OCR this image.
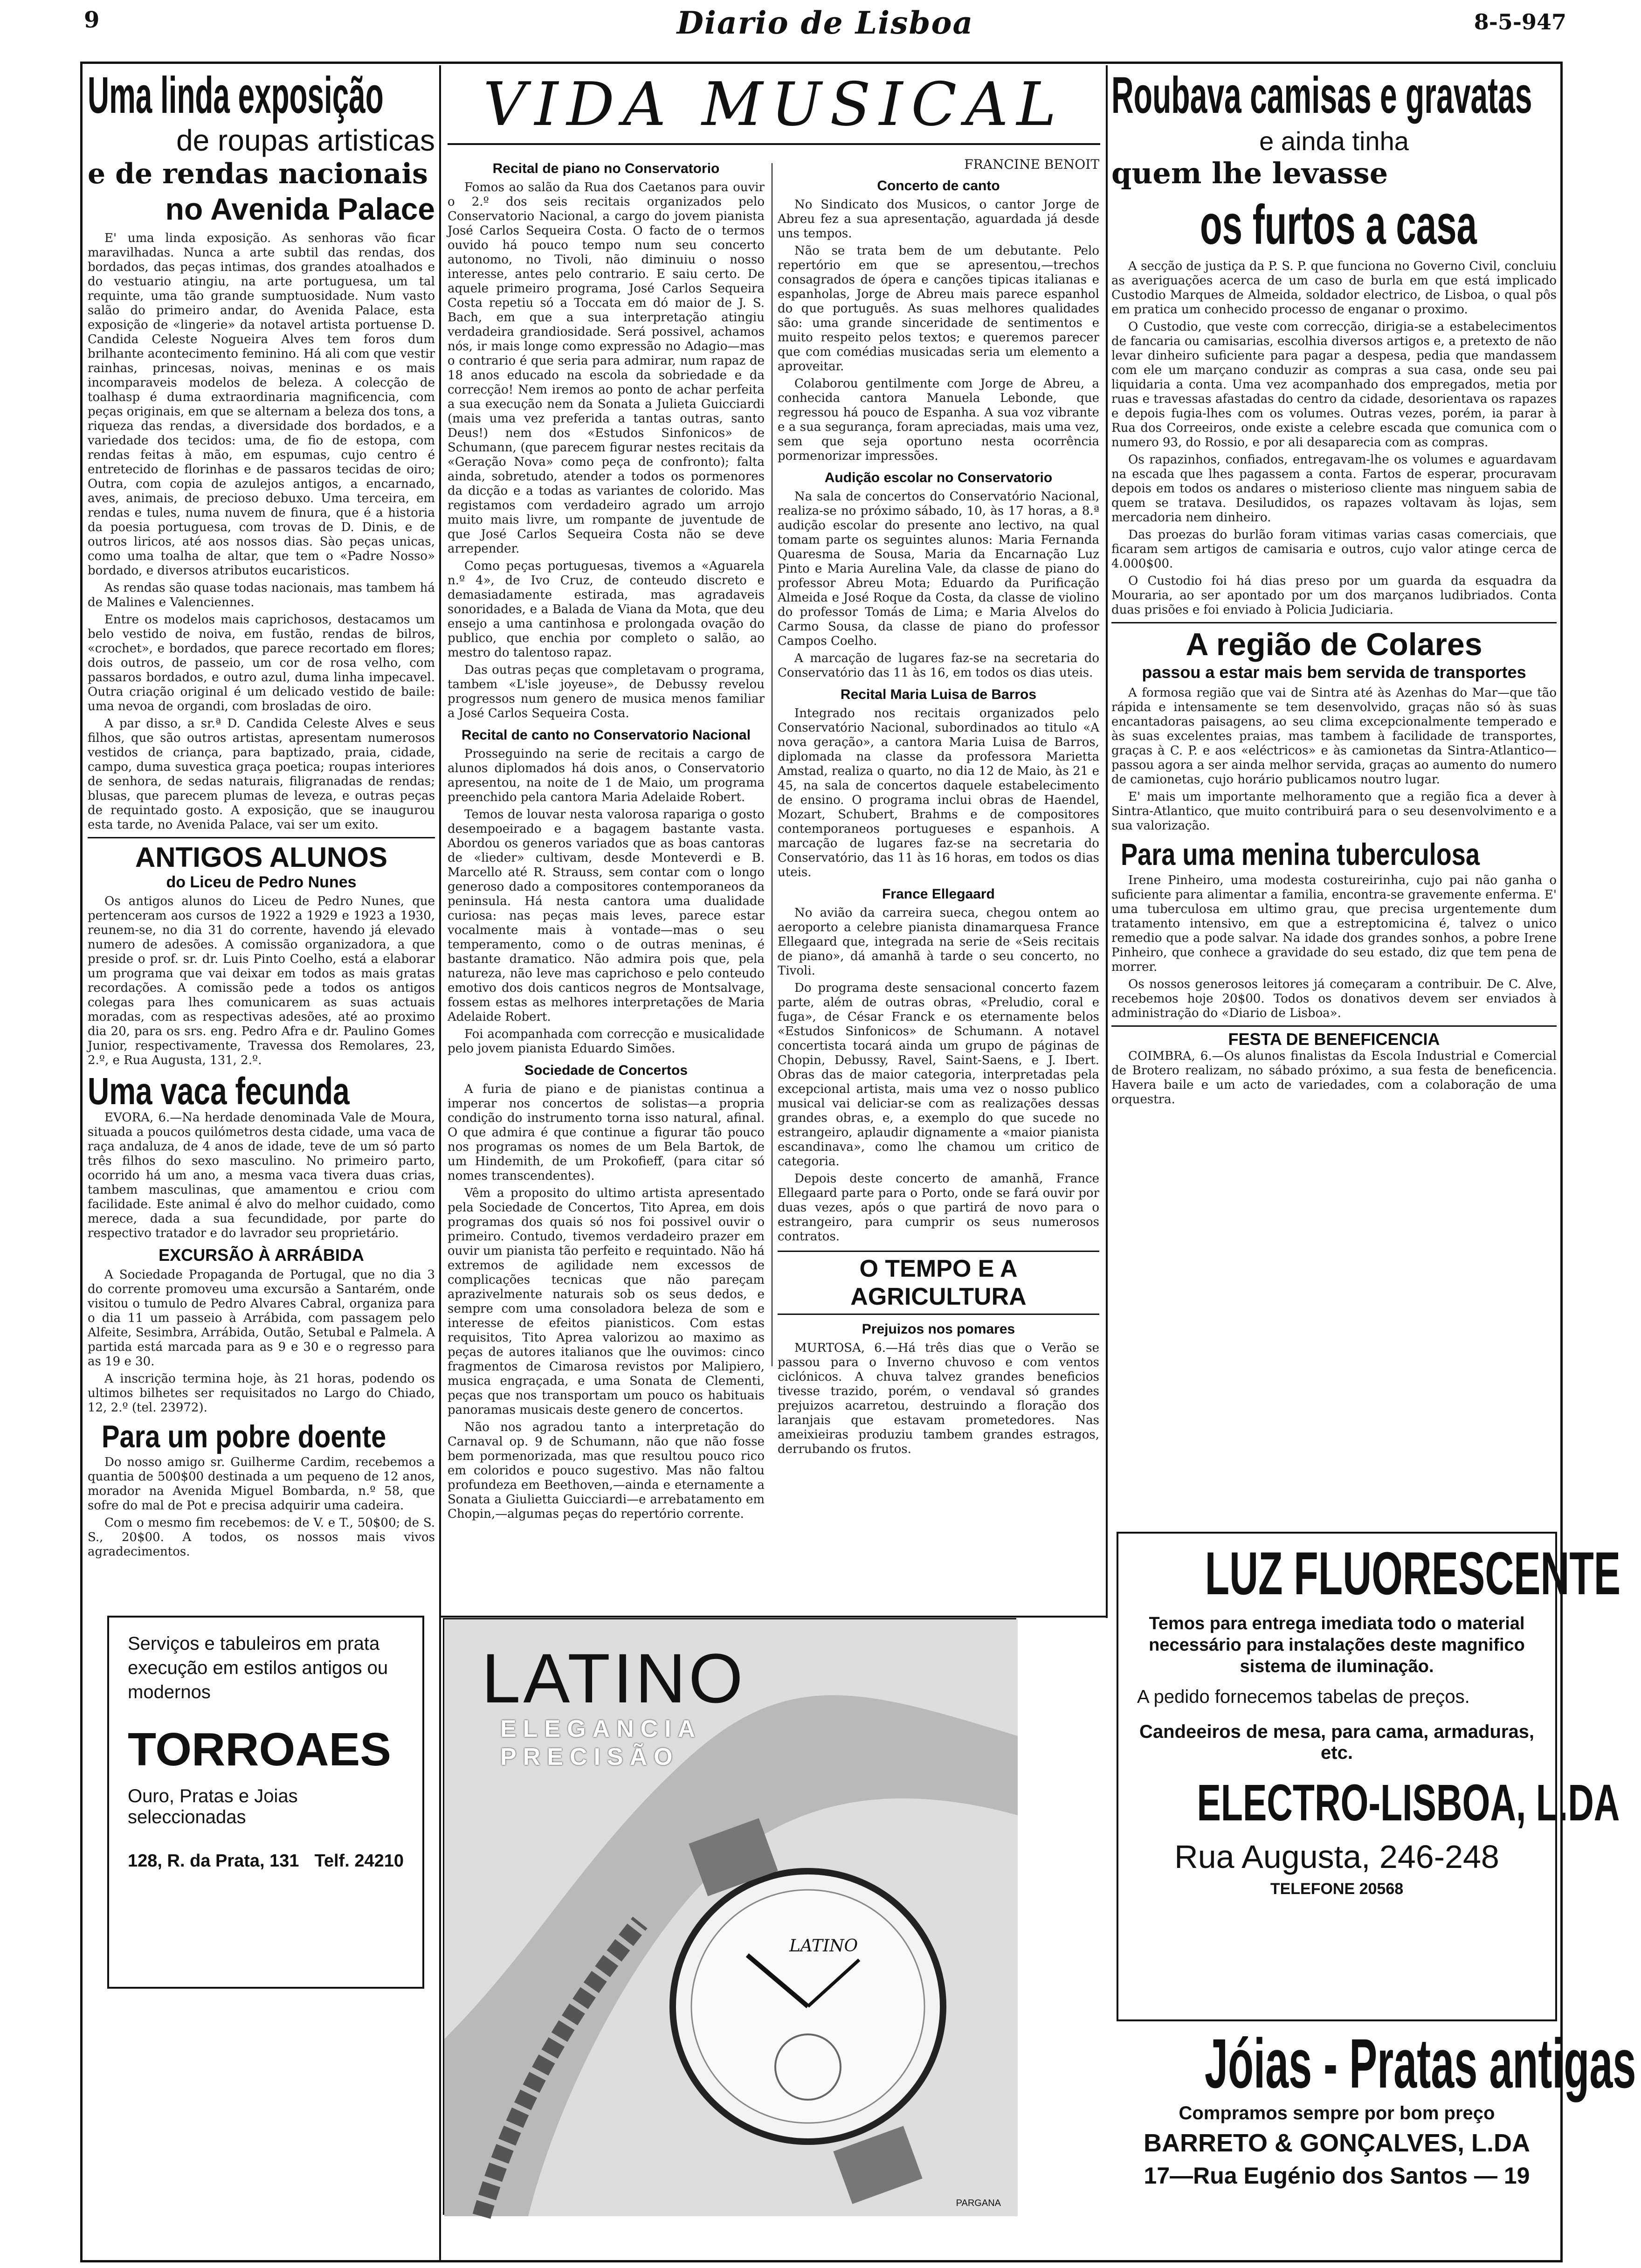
9	Diario de Lisboa	8-5-947
Uma linda exposição
de roupas artisticas
e de rendas nacionais
no Avenida Palace

E' uma linda exposição. As senhoras vão ficar maravilhadas. Nunca a arte subtil das rendas, dos bordados, das peças intimas, dos grandes atoalhados e do vestuario atingiu, na arte portuguesa, um tal requinte, uma tão grande sumptuosidade. Num vasto salão do primeiro andar, do Avenida Palace, esta exposição de «lingerie» da notavel artista portuense D. Candida Celeste Nogueira Alves tem foros dum brilhante acontecimento feminino. Há ali com que vestir rainhas, princesas, noivas, meninas e os mais incomparaveis modelos de beleza. A colecção de toalhasp é duma extraordinaria magnificencia, com peças originais, em que se alternam a beleza dos tons, a riqueza das rendas, a diversidade dos bordados, e a variedade dos tecidos: uma, de fio de estopa, com rendas feitas à mão, em espumas, cujo centro é entretecido de florinhas e de passaros tecidas de oiro; Outra, com copia de azulejos antigos, a encarnado, aves, animais, de precioso debuxo. Uma terceira, em rendas e tules, numa nuvem de finura, que é a historia da poesia portuguesa, com trovas de D. Dinis, e de outros liricos, até aos nossos dias. Sào peças unicas, como uma toalha de altar, que tem o «Padre Nosso» bordado, e diversos atributos eucaristicos.

As rendas são quase todas nacionais, mas tambem há de Malines e Valenciennes.

Entre os modelos mais caprichosos, destacamos um belo vestido de noiva, em fustão, rendas de bilros, «crochet», e bordados, que parece recortado em flores; dois outros, de passeio, um cor de rosa velho, com passaros bordados, e outro azul, duma linha impecavel. Outra criação original é um delicado vestido de baile: uma nevoa de organdi, com brosladas de oiro.

A par disso, a sr.ª D. Candida Celeste Alves e seus filhos, que são outros artistas, apresentam numerosos vestidos de criança, para baptizado, praia, cidade, campo, duma suvestica graça poetica; roupas interiores de senhora, de sedas naturais, filigranadas de rendas; blusas, que parecem plumas de leveza, e outras peças de requintado gosto. A exposição, que se inaugurou esta tarde, no Avenida Palace, vai ser um exito.

ANTIGOS ALUNOS
do Liceu de Pedro Nunes

Os antigos alunos do Liceu de Pedro Nunes, que pertenceram aos cursos de 1922 a 1929 e 1923 a 1930, reunem-se, no dia 31 do corrente, havendo já elevado numero de adesões. A comissão organizadora, a que preside o prof. sr. dr. Luis Pinto Coelho, está a elaborar um programa que vai deixar em todos as mais gratas recordações. A comissão pede a todos os antigos colegas para lhes comunicarem as suas actuais moradas, com as respectivas adesões, até ao proximo dia 20, para os srs. eng. Pedro Afra e dr. Paulino Gomes Junior, respectivamente, Travessa dos Remolares, 23, 2.º, e Rua Augusta, 131, 2.º.

Uma vaca fecunda

EVORA, 6.—Na herdade denominada Vale de Moura, situada a poucos quilómetros desta cidade, uma vaca de raça andaluza, de 4 anos de idade, teve de um só parto três filhos do sexo masculino. No primeiro parto, ocorrido há um ano, a mesma vaca tivera duas crias, tambem masculinas, que amamentou e criou com facilidade. Este animal é alvo do melhor cuidado, como merece, dada a sua fecundidade, por parte do respectivo tratador e do lavrador seu proprietário.

EXCURSÃO À ARRÁBIDA

A Sociedade Propaganda de Portugal, que no dia 3 do corrente promoveu uma excursão a Santarém, onde visitou o tumulo de Pedro Alvares Cabral, organiza para o dia 11 um passeio à Arrábida, com passagem pelo Alfeite, Sesimbra, Arrábida, Outão, Setubal e Palmela. A partida está marcada para as 9 e 30 e o regresso para as 19 e 30.

A inscrição termina hoje, às 21 horas, podendo os ultimos bilhetes ser requisitados no Largo do Chiado, 12, 2.º (tel. 23972).

Para um pobre doente

Do nosso amigo sr. Guilherme Cardim, recebemos a quantia de 500$00 destinada a um pequeno de 12 anos, morador na Avenida Miguel Bombarda, n.º 58, que sofre do mal de Pot e precisa adquirir uma cadeira.

Com o mesmo fim recebemos: de V. e T., 50$00; de S. S., 20$00. A todos, os nossos mais vivos agradecimentos.

Serviços e tabuleiros em prata
execução em estilos antigos ou modernos
TORROAES
Ouro, Pratas e Joias seleccionadas
128, R. da Prata, 131 Telf. 24210
VIDA MUSICAL
Recital de piano no Conservatorio

Fomos ao salão da Rua dos Caetanos para ouvir o 2.º dos seis recitais organizados pelo Conservatorio Nacional, a cargo do jovem pianista José Carlos Sequeira Costa. O facto de o termos ouvido há pouco tempo num seu concerto autonomo, no Tivoli, não diminuiu o nosso interesse, antes pelo contrario. E saiu certo. De aquele primeiro programa, José Carlos Sequeira Costa repetiu só a Toccata em dó maior de J. S. Bach, em que a sua interpretação atingiu verdadeira grandiosidade. Será possivel, achamos nós, ir mais longe como expressão no Adagio—mas o contrario é que seria para admirar, num rapaz de 18 anos educado na escola da sobriedade e da correcção! Nem iremos ao ponto de achar perfeita a sua execução nem da Sonata a Julieta Guicciardi (mais uma vez preferida a tantas outras, santo Deus!) nem dos «Estudos Sinfonicos» de Schumann, (que parecem figurar nestes recitais da «Geração Nova» como peça de confronto); falta ainda, sobretudo, atender a todos os pormenores da dicção e a todas as variantes de colorido. Mas registamos com verdadeiro agrado um arrojo muito mais livre, um rompante de juventude de que José Carlos Sequeira Costa não se deve arrepender.

Como peças portuguesas, tivemos a «Aguarela n.º 4», de Ivo Cruz, de conteudo discreto e demasiadamente estirada, mas agradaveis sonoridades, e a Balada de Viana da Mota, que deu ensejo a uma cantinhosa e prolongada ovação do publico, que enchia por completo o salão, ao mestro do talentoso rapaz.

Das outras peças que completavam o programa, tambem «L'isle joyeuse», de Debussy revelou progressos num genero de musica menos familiar a José Carlos Sequeira Costa.

Recital de canto no Conservatorio Nacional

Prosseguindo na serie de recitais a cargo de alunos diplomados há dois anos, o Conservatorio apresentou, na noite de 1 de Maio, um programa preenchido pela cantora Maria Adelaide Robert.

Temos de louvar nesta valorosa rapariga o gosto desempoeirado e a bagagem bastante vasta. Abordou os generos variados que as boas cantoras de «lieder» cultivam, desde Monteverdi e B. Marcello até R. Strauss, sem contar com o longo generoso dado a compositores contemporaneos da peninsula. Há nesta cantora uma dualidade curiosa: nas peças mais leves, parece estar vocalmente mais à vontade—mas o seu temperamento, como o de outras meninas, é bastante dramatico. Não admira pois que, pela natureza, não leve mas caprichoso e pelo conteudo emotivo dos dois canticos negros de Montsalvage, fossem estas as melhores interpretações de Maria Adelaide Robert.

Foi acompanhada com correcção e musicalidade pelo jovem pianista Eduardo Simões.

Sociedade de Concertos

A furia de piano e de pianistas continua a imperar nos concertos de solistas—a propria condição do instrumento torna isso natural, afinal. O que admira é que continue a figurar tão pouco nos programas os nomes de um Bela Bartok, de um Hindemith, de um Prokofieff, (para citar só nomes transcendentes).

Vêm a proposito do ultimo artista apresentado pela Sociedade de Concertos, Tito Aprea, em dois programas dos quais só nos foi possivel ouvir o primeiro. Contudo, tivemos verdadeiro prazer em ouvir um pianista tão perfeito e requintado. Não há extremos de agilidade nem excessos de complicações tecnicas que não pareçam aprazivelmente naturais sob os seus dedos, e sempre com uma consoladora beleza de som e interesse de efeitos pianisticos. Com estas requisitos, Tito Aprea valorizou ao maximo as peças de autores italianos que lhe ouvimos: cinco fragmentos de Cimarosa revistos por Malipiero, musica engraçada, e uma Sonata de Clementi, peças que nos transportam um pouco os habituais panoramas musicais deste genero de concertos.

Não nos agradou tanto a interpretação do Carnaval op. 9 de Schumann, não que não fosse bem pormenorizada, mas que resultou pouco rico em coloridos e pouco sugestivo. Mas não faltou profundeza em Beethoven,—ainda e eternamente a Sonata a Giulietta Guicciardi—e arrebatamento em Chopin,—algumas peças do repertório corrente.

FRANCINE BENOIT
Concerto de canto

No Sindicato dos Musicos, o cantor Jorge de Abreu fez a sua apresentação, aguardada já desde uns tempos.

Não se trata bem de um debutante. Pelo repertório em que se apresentou,—trechos consagrados de ópera e canções tipicas italianas e espanholas, Jorge de Abreu mais parece espanhol do que português. As suas melhores qualidades são: uma grande sinceridade de sentimentos e muito respeito pelos textos; e queremos parecer que com comédias musicadas seria um elemento a aproveitar.

Colaborou gentilmente com Jorge de Abreu, a conhecida cantora Manuela Lebonde, que regressou há pouco de Espanha. A sua voz vibrante e a sua segurança, foram apreciadas, mais uma vez, sem que seja oportuno nesta ocorrência pormenorizar impressões.

Audição escolar no Conservatorio

Na sala de concertos do Conservatório Nacional, realiza-se no próximo sábado, 10, às 17 horas, a 8.ª audição escolar do presente ano lectivo, na qual tomam parte os seguintes alunos: Maria Fernanda Quaresma de Sousa, Maria da Encarnação Luz Pinto e Maria Aurelina Vale, da classe de piano do professor Abreu Mota; Eduardo da Purificação Almeida e José Roque da Costa, da classe de violino do professor Tomás de Lima; e Maria Alvelos do Carmo Sousa, da classe de piano do professor Campos Coelho.

A marcação de lugares faz-se na secretaria do Conservatório das 11 às 16, em todos os dias uteis.

Recital Maria Luisa de Barros

Integrado nos recitais organizados pelo Conservatório Nacional, subordinados ao titulo «A nova geração», a cantora Maria Luisa de Barros, diplomada na classe da professora Marietta Amstad, realiza o quarto, no dia 12 de Maio, às 21 e 45, na sala de concertos daquele estabelecimento de ensino. O programa inclui obras de Haendel, Mozart, Schubert, Brahms e de compositores contemporaneos portugueses e espanhois. A marcação de lugares faz-se na secretaria do Conservatório, das 11 às 16 horas, em todos os dias uteis.

France Ellegaard

No avião da carreira sueca, chegou ontem ao aeroporto a celebre pianista dinamarquesa France Ellegaard que, integrada na serie de «Seis recitais de piano», dá amanhã à tarde o seu concerto, no Tivoli.

Do programa deste sensacional concerto fazem parte, além de outras obras, «Preludio, coral e fuga», de César Franck e os eternamente belos «Estudos Sinfonicos» de Schumann. A notavel concertista tocará ainda um grupo de páginas de Chopin, Debussy, Ravel, Saint-Saens, e J. Ibert. Obras das de maior categoria, interpretadas pela excepcional artista, mais uma vez o nosso publico musical vai deliciar-se com as realizações dessas grandes obras, e, a exemplo do que sucede no estrangeiro, aplaudir dignamente a «maior pianista escandinava», como lhe chamou um critico de categoria.

Depois deste concerto de amanhã, France Ellegaard parte para o Porto, onde se fará ouvir por duas vezes, após o que partirá de novo para o estrangeiro, para cumprir os seus numerosos contratos.

O TEMPO E A AGRICULTURA
Prejuizos nos pomares

MURTOSA, 6.—Há três dias que o Verão se passou para o Inverno chuvoso e com ventos ciclónicos. A chuva talvez grandes beneficios tivesse trazido, porém, o vendaval só grandes prejuizos acarretou, destruindo a floração dos laranjais que estavam prometedores. Nas ameixieiras produziu tambem grandes estragos, derrubando os frutos.

LATINO
ELEGANCIA
PRECISÃO
LATINO
PARGANA
Roubava camisas e gravatas
e ainda tinha
quem lhe levasse
os furtos a casa

A secção de justiça da P. S. P. que funciona no Governo Civil, concluiu as averiguações acerca de um caso de burla em que está implicado Custodio Marques de Almeida, soldador electrico, de Lisboa, o qual pôs em pratica um conhecido processo de enganar o proximo.

O Custodio, que veste com correcção, dirigia-se a estabelecimentos de fancaria ou camisarias, escolhia diversos artigos e, a pretexto de não levar dinheiro suficiente para pagar a despesa, pedia que mandassem com ele um marçano conduzir as compras a sua casa, onde seu pai liquidaria a conta. Uma vez acompanhado dos empregados, metia por ruas e travessas afastadas do centro da cidade, desorientava os rapazes e depois fugia-lhes com os volumes. Outras vezes, porém, ia parar à Rua dos Correeiros, onde existe a celebre escada que comunica com o numero 93, do Rossio, e por ali desaparecia com as compras.

Os rapazinhos, confiados, entregavam-lhe os volumes e aguardavam na escada que lhes pagassem a conta. Fartos de esperar, procuravam depois em todos os andares o misterioso cliente mas ninguem sabia de quem se tratava. Desiludidos, os rapazes voltavam às lojas, sem mercadoria nem dinheiro.

Das proezas do burlão foram vitimas varias casas comerciais, que ficaram sem artigos de camisaria e outros, cujo valor atinge cerca de 4.000$00.

O Custodio foi há dias preso por um guarda da esquadra da Mouraria, ao ser apontado por um dos marçanos ludibriados. Conta duas prisões e foi enviado à Policia Judiciaria.

A região de Colares
passou a estar mais bem servida de transportes

A formosa região que vai de Sintra até às Azenhas do Mar—que tão rápida e intensamente se tem desenvolvido, graças não só às suas encantadoras paisagens, ao seu clima excepcionalmente temperado e às suas excelentes praias, mas tambem à facilidade de transportes, graças à C. P. e aos «eléctricos» e às camionetas da Sintra-Atlantico—passou agora a ser ainda melhor servida, graças ao aumento do numero de camionetas, cujo horário publicamos noutro lugar.

E' mais um importante melhoramento que a região fica a dever à Sintra-Atlantico, que muito contribuirá para o seu desenvolvimento e a sua valorização.

Para uma menina tuberculosa

Irene Pinheiro, uma modesta costureirinha, cujo pai não ganha o suficiente para alimentar a familia, encontra-se gravemente enferma. E' uma tuberculosa em ultimo grau, que precisa urgentemente dum tratamento intensivo, em que a estreptomicina é, talvez o unico remedio que a pode salvar. Na idade dos grandes sonhos, a pobre Irene Pinheiro, que conhece a gravidade do seu estado, diz que tem pena de morrer.

Os nossos generosos leitores já começaram a contribuir. De C. Alve, recebemos hoje 20$00. Todos os donativos devem ser enviados à administração do «Diario de Lisboa».

FESTA DE BENEFICENCIA

COIMBRA, 6.—Os alunos finalistas da Escola Industrial e Comercial de Brotero realizam, no sábado próximo, a sua festa de beneficencia. Havera baile e um acto de variedades, com a colaboração de uma orquestra.

LUZ FLUORESCENTE
Temos para entrega imediata todo o material necessário para instalações deste magnifico sistema de iluminação.
A pedido fornecemos tabelas de preços.
Candeeiros de mesa, para cama, armaduras, etc.
ELECTRO-LISBOA, L.DA
Rua Augusta, 246-248
TELEFONE 20568
Jóias - Pratas antigas
Compramos sempre por bom preço
BARRETO & GONÇALVES, L.DA
17—Rua Eugénio dos Santos — 19
